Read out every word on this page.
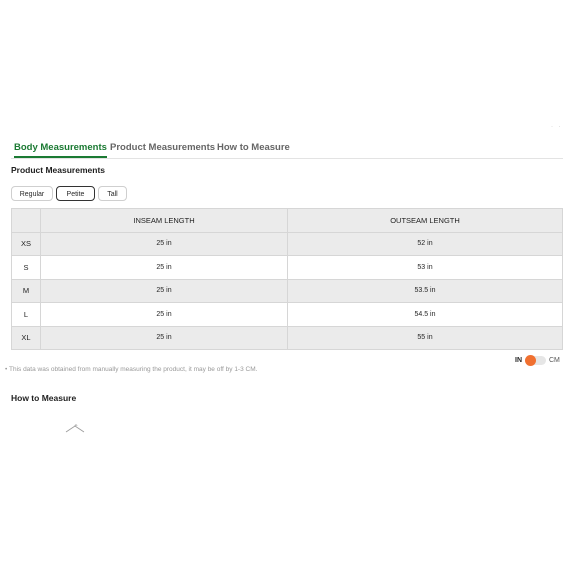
· ·
Body Measurements Product Measurements How to Measure
Product Measurements
Regular	Petite	Tall
	INSEAM LENGTH	OUTSEAM LENGTH
XS	25 in	52 in
S	25 in	53 in
M	25 in	53.5 in
L	25 in	54.5 in
XL	25 in	55 in
IN	CM
• This data was obtained from manually measuring the product, it may be off by 1-3 CM.
How to Measure
